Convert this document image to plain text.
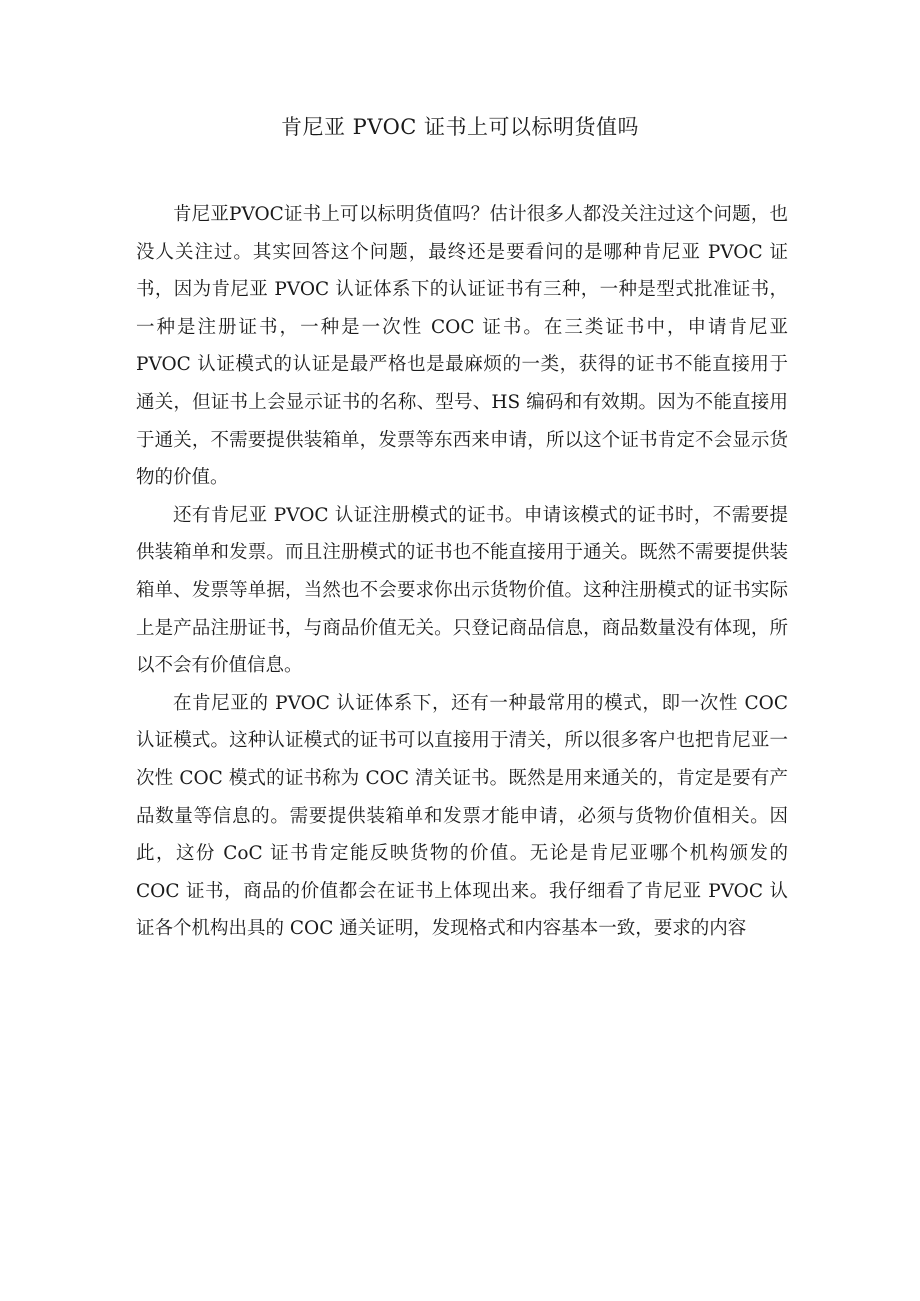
肯尼亚 PVOC 证书上可以标明货值吗

肯尼亚PVOC证书上可以标明货值吗？估计很多人都没关注过这个问题，也没人关注过。其实回答这个问题，最终还是要看问的是哪种肯尼亚 PVOC 证书，因为肯尼亚 PVOC 认证体系下的认证证书有三种，一种是型式批准证书，一种是注册证书，一种是一次性 COC 证书。在三类证书中，申请肯尼亚 PVOC 认证模式的认证是最严格也是最麻烦的一类，获得的证书不能直接用于通关，但证书上会显示证书的名称、型号、HS 编码和有效期。因为不能直接用于通关，不需要提供装箱单，发票等东西来申请，所以这个证书肯定不会显示货物的价值。

还有肯尼亚 PVOC 认证注册模式的证书。申请该模式的证书时，不需要提供装箱单和发票。而且注册模式的证书也不能直接用于通关。既然不需要提供装箱单、发票等单据，当然也不会要求你出示货物价值。这种注册模式的证书实际上是产品注册证书，与商品价值无关。只登记商品信息，商品数量没有体现，所以不会有价值信息。

在肯尼亚的 PVOC 认证体系下，还有一种最常用的模式，即一次性 COC 认证模式。这种认证模式的证书可以直接用于清关，所以很多客户也把肯尼亚一次性 COC 模式的证书称为 COC 清关证书。既然是用来通关的，肯定是要有产品数量等信息的。需要提供装箱单和发票才能申请，必须与货物价值相关。因此，这份 CoC 证书肯定能反映货物的价值。无论是肯尼亚哪个机构颁发的 COC 证书，商品的价值都会在证书上体现出来。我仔细看了肯尼亚 PVOC 认证各个机构出具的 COC 通关证明，发现格式和内容基本一致，要求的内容
